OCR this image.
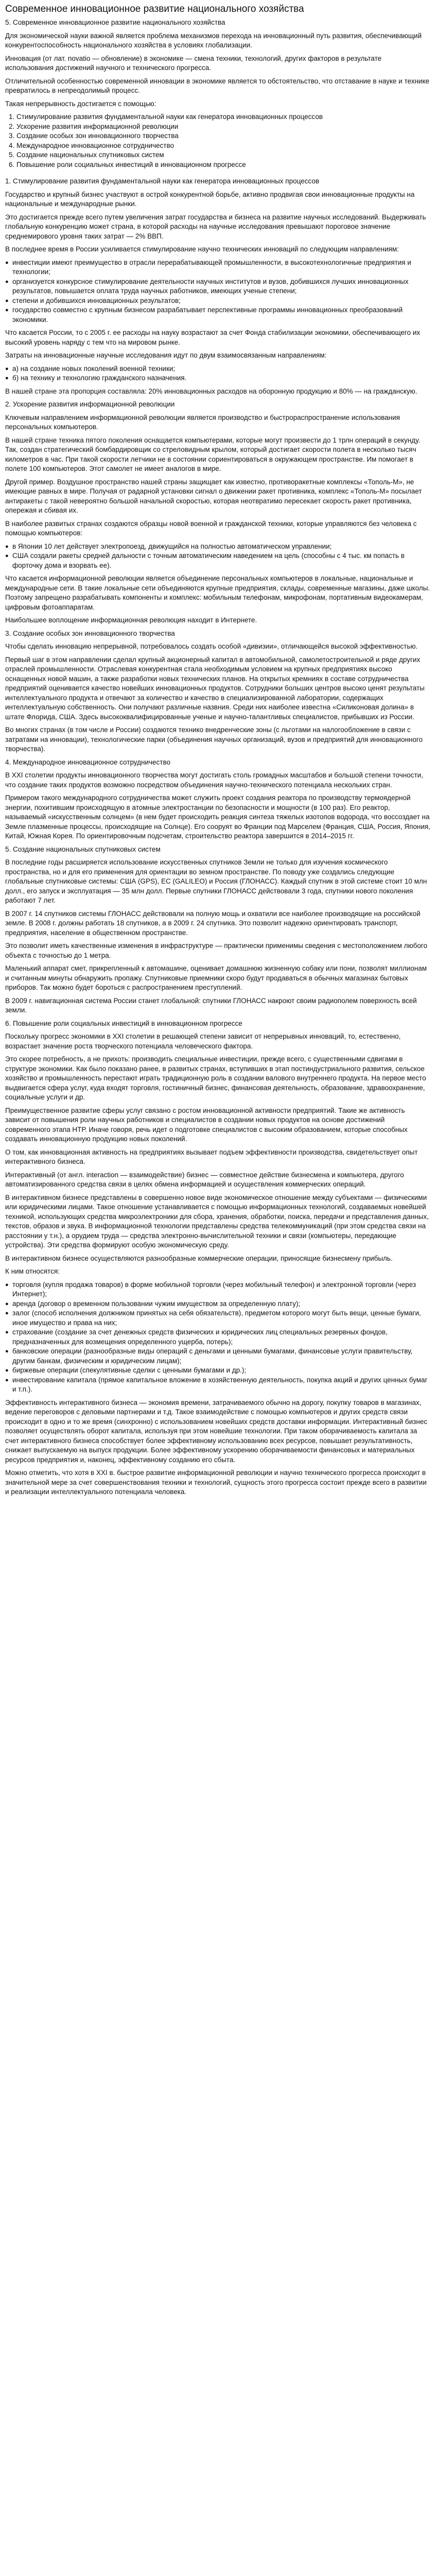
Современное инновационное развитие национального хозяйства

5. Современное инновационное развитие национального хозяйства

Для экономической науки важной является проблема механизмов перехода на инновационный путь развития, обеспечивающий конкурентоспособность национального хозяйства в условиях глобализации.

Инновация (от лат. novatio — обновление) в экономике — смена техники, технологий, других факторов в результате использования достижений научного и технического прогресса.

Отличительной особенностью современной инновации в экономике является то обстоятельство, что отставание в науке и технике превратилось в непреодолимый процесс.

Такая непрерывность достигается с помощью:

1. Стимулирование развития фундаментальной науки как генератора инновационных процессов
2. Ускорение развития информационной революции
3. Создание особых зон инновационного творчества
4. Международное инновационное сотрудничество
5. Создание национальных спутниковых систем
6. Повышение роли социальных инвестиций в инновационном прогрессе

1. Стимулирование развития фундаментальной науки как генератора инновационных процессов

Государство и крупный бизнес участвуют в острой конкурентной борьбе, активно продвигая свои инновационные продукты на национальные и международные рынки.

Это достигается прежде всего путем увеличения затрат государства и бизнеса на развитие научных исследований. Выдерживать глобальную конкуренцию может страна, в которой расходы на научные исследования превышают пороговое значение среднемирового уровня таких затрат — 2% ВВП.

В последнее время в России усиливается стимулирование научно технических инноваций по следующим направлениям:

● инвестиции имеют преимущество в отрасли перерабатывающей промышленности, в высокотехнологичные предприятия и технологии;
● организуется конкурсное стимулирование деятельности научных институтов и вузов, добившихся лучших инновационных результатов, повышается оплата труда научных работников, имеющих ученые степени;
● степени и добившихся инновационных результатов;
● государство совместно с крупным бизнесом разрабатывает перспективные программы инновационных преобразований экономики.

Что касается России, то с 2005 г. ее расходы на науку возрастают за счет Фонда стабилизации экономики, обеспечивающего их высокий уровень наряду с тем что на мировом рынке.

Затраты на инновационные научные исследования идут по двум взаимосвязанным направлениям:

● а) на создание новых поколений военной техники;
● б) на технику и технологию гражданского назначения.

В нашей стране эта пропорция составляла: 20% инновационных расходов на оборонную продукцию и 80% — на гражданскую.

2. Ускорение развития информационной революции

Ключевым направлением информационной революции является производство и быстрораспространение использования персональных компьютеров.

В нашей стране техника пятого поколения оснащается компьютерами, которые могут произвести до 1 трлн операций в секунду. Так, создан стратегический бомбардировщик со стреловидным крылом, который достигает скорости полета в несколько тысяч километров в час. При такой скорости летчики не в состоянии сориентироваться в окружающем пространстве. Им помогает в полете 100 компьютеров. Этот самолет не имеет аналогов в мире.

Другой пример. Воздушное пространство нашей страны защищает как известно, противоракетные комплексы «Тополь-М», не имеющие равных в мире. Получая от радарной установки сигнал о движении ракет противника, комплекс «Тополь-М» посылает антиракеты с такой невероятно большой начальной скоростью, которая неотвратимо пересекает скорость ракет противника, опережая и сбивая их.

В наиболее развитых странах создаются образцы новой военной и гражданской техники, которые управляются без человека с помощью компьютеров:

● в Японии 10 лет действует электропоезд, движущийся на полностью автоматическом управлении;
● США создали ракеты средней дальности с точным автоматическим наведением на цель (способны с 4 тыс. км попасть в форточку дома и взорвать ее).

Что касается информационной революции является объединение персональных компьютеров в локальные, национальные и международные сети. В такие локальные сети объединяются крупные предприятия, склады, современные магазины, даже школы. Поэтому запрещено разрабатывать компоненты и комплекс: мобильным телефонам, микрофонам, портативным видеокамерам, цифровым фотоаппаратам.

Наибольшее воплощение информационная революция находит в Интернете.

3. Создание особых зон инновационного творчества

Чтобы сделать инновацию непрерывной, потребовалось создать особой «дивизии», отличающейся высокой эффективностью.

Первый шаг в этом направлении сделал крупный акционерный капитал в автомобильной, самолетостроительной и ряде других отраслей промышленности. Отраслевая конкурентная стала необходимым условием на крупных предприятиях высоко оснащенных новой машин, а также разработки новых технических планов. На открытых кремниях в составе сотрудничества предприятий оценивается качество новейших инновационных продуктов. Сотрудники больших центров высоко ценят результаты интеллектуального продукта и отвечают за количество и качество в специализированной лаборатории, содержащих интеллектуальную собственность. Они получают различные назвния. Среди них наиболее известна «Силиконовая долина» в штате Флорида, США. Здесь высококвалифицированные ученые и научно-талантливых специалистов, прибывших из России.

Во многих странах (в том числе и России) создаются технико внедренческие зоны (с льготами на налогообложение в связи с затратами на инновации), технологические парки (объединения научных организаций, вузов и предприятий для инновационного творчества).

4. Международное инновационное сотрудничество

В XXI столетии продукты инновационного творчества могут достигать столь громадных масштабов и большой степени точности, что создание таких продуктов возможно посредством объединения научно-технического потенциала нескольких стран.

Примером такого международного сотрудничества может служить проект создания реактора по производству термоядерной энергии, похитившим происходящую в атомные электростанции по безопасности и мощности (в 100 раз). Его реактор, называемый «искусственным солнцем» (в нем будет происходить реакция синтеза тяжелых изотопов водорода, что воссоздает на Земле плазменные процессы, происходящие на Солнце). Его сооруят во Франции под Марселем (Франция, США, Россия, Япония, Китай, Южная Корея. По ориентировочным подсчетам, строительство реактора завершится в 2014–2015 гг.

5. Создание национальных спутниковых систем

В последние годы расширяется использование искусственных спутников Земли не только для изучения космического пространства, но и для его применения для ориентации во земном пространстве. По поводу уже создались следующие глобальные спутниковые системы: США (GPS), ЕС (GALILEO) и Россия (ГЛОНАСС). Каждый спутник в этой системе стоит 10 млн долл., его запуск и эксплуатация — 35 млн долл. Первые спутники ГЛОНАСС действовали 3 года, спутники нового поколения работают 7 лет.

В 2007 г. 14 спутников системы ГЛОНАСС действовали на полную мощь и охватили все наиболее производящие на российской земле. В 2008 г. должны работать 18 спутников, а в 2009 г. 24 спутника. Это позволит надежно ориентировать транспорт, предприятия, население в общественном пространстве.

Это позволит иметь качественные изменения в инфраструктуре — практически применимы сведения с местоположением любого объекта с точностью до 1 метра.

Маленький аппарат смет, прикрепленный к автомашине, оценивает домашнюю жизненную собаку или пони, позволят миллионам и считанным минуты обнаружить пропажу. Спутниковые приемники скоро будут продаваться в обычных магазинах бытовых приборов. Так можно будет бороться с распространением преступлений.

В 2009 г. навигационная система России станет глобальной: спутники ГЛОНАСС накроют своим радиополем поверхность всей земли.

6. Повышение роли социальных инвестиций в инновационном прогрессе

Поскольку прогресс экономики в XXI столетии в решающей степени зависит от непрерывных инноваций, то, естественно, возрастает значение роста творческого потенциала человеческого фактора.

Это скорее потребность, а не прихоть: производить специальные инвестиции, прежде всего, с существенными сдвигами в структуре экономики. Как было показано ранее, в развитых странах, вступивших в этап постиндустриального развития, сельское хозяйство и промышленность перестают играть традиционную роль в создании валового внутреннего продукта. На первое место выдвигается сфера услуг, куда входят торговля, гостиничный бизнес, финансовая деятельность, образование, здравоохранение, социальные услуги и др.

Преимущественное развитие сферы услуг связано с ростом инновационной активности предприятий. Такие же активность зависит от повышения роли научных работников и специалистов в создании новых продуктов на основе достижений современного этапа НТР. Иначе говоря, речь идет о подготовке специалистов с высоким образованием, которые способных создавать инновационную продукцию новых поколений.

О том, как инновационная активность на предприятиях вызывает подъем эффективности производства, свидетельствует опыт интерактивного бизнеса.

Интерактивный (от англ. interaction — взаимодействие) бизнес — совместное действие бизнесмена и компьютера, другого автоматизированного средства связи в целях обмена информацией и осуществления коммерческих операций.

В интерактивном бизнесе представлены в совершенно новое виде экономическое отношение между субъектами — физическими или юридическими лицами. Такое отношение устанавливается с помощью информационных технологий, создаваемых новейшей техникой, использующих средства микроэлектроники для сбора, хранения, обработки, поиска, передачи и представления данных, текстов, образов и звука. В информационной технологии представлены средства телекоммуникаций (при этом средства связи на расстоянии у т.н.), а орудием труда — средства электронно-вычислительной техники и связи (компьютеры, передающие устройства). Эти средства формируют особую экономическую среду.

В интерактивном бизнесе осуществляются разнообразные коммерческие операции, приносящие бизнесмену прибыль.

К ним относятся:

● торговля (купля продажа товаров) в форме мобильной торговли (через мобильный телефон) и электронной торговли (через Интернет);
● аренда (договор о временном пользовании чужим имуществом за определенную плату);
● залог (способ исполнения должником принятых на себя обязательств), предметом которого могут быть вещи, ценные бумаги, иное имущество и права на них;
● страхование (создание за счет денежных средств физических и юридических лиц специальных резервных фондов, предназначенных для возмещения определенного ущерба, потерь);
● банковские операции (разнообразные виды операций с деньгами и ценными бумагами, финансовые услуги правительству, другим банкам, физическим и юридическим лицам);
● биржевые операции (спекулятивные сделки с ценными бумагами и др.);
● инвестирование капитала (прямое капитальное вложение в хозяйственную деятельность, покупка акций и других ценных бумаг и т.п.).

Эффективность интерактивного бизнеса — экономия времени, затрачиваемого обычно на дорогу, покупку товаров в магазинах, ведение переговоров с деловыми партнерами и т.д. Такое взаимодействие с помощью компьютеров и других средств связи происходит в одно и то же время (синхронно) с использованием новейших средств доставки информации. Интерактивный бизнес позволяет осуществлять оборот капитала, используя при этом новейшие технологии. При таком оборачиваемость капитала за счет интерактивного бизнеса способствует более эффективному использованию всех ресурсов, повышает результативность, снижает выпускаемую на выпуск продукции. Более эффективному ускорению оборачиваемости финансовых и материальных ресурсов предприятия и, наконец, эффективному созданию его сбыта.

Можно отметить, что хотя в XXI в. быстрое развитие информационной революции и научно технического прогресса происходит в значительной мере за счет совершенствования техники и технологий, сущность этого прогресса состоит прежде всего в развитии и реализации интеллектуального потенциала человека.
